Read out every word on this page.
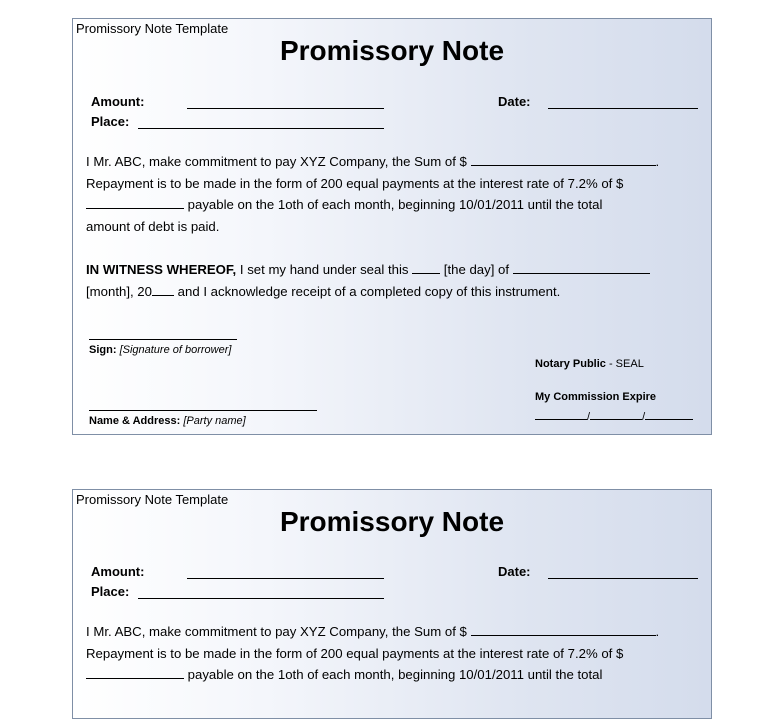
Promissory Note Template
Promissory Note
Amount:	Date:
Place:

I Mr. ABC, make commitment to pay XYZ Company, the Sum of $	.

Repayment is to be made in the form of 200 equal payments at the interest rate of 7.2% of $

payable on the 1oth of each month, beginning 10/01/2011 until the total

amount of debt is paid.

IN WITNESS WHEREOF, I set my hand under seal this  [the day] of

[month], 20 and I acknowledge receipt of a completed copy of this instrument.

Sign: [Signature of borrower]
Notary Public - SEAL
My Commission Expire
/	/
Name & Address: [Party name]
Promissory Note Template
Promissory Note
Amount:	Date:
Place:

I Mr. ABC, make commitment to pay XYZ Company, the Sum of $	.

Repayment is to be made in the form of 200 equal payments at the interest rate of 7.2% of $

payable on the 1oth of each month, beginning 10/01/2011 until the total
